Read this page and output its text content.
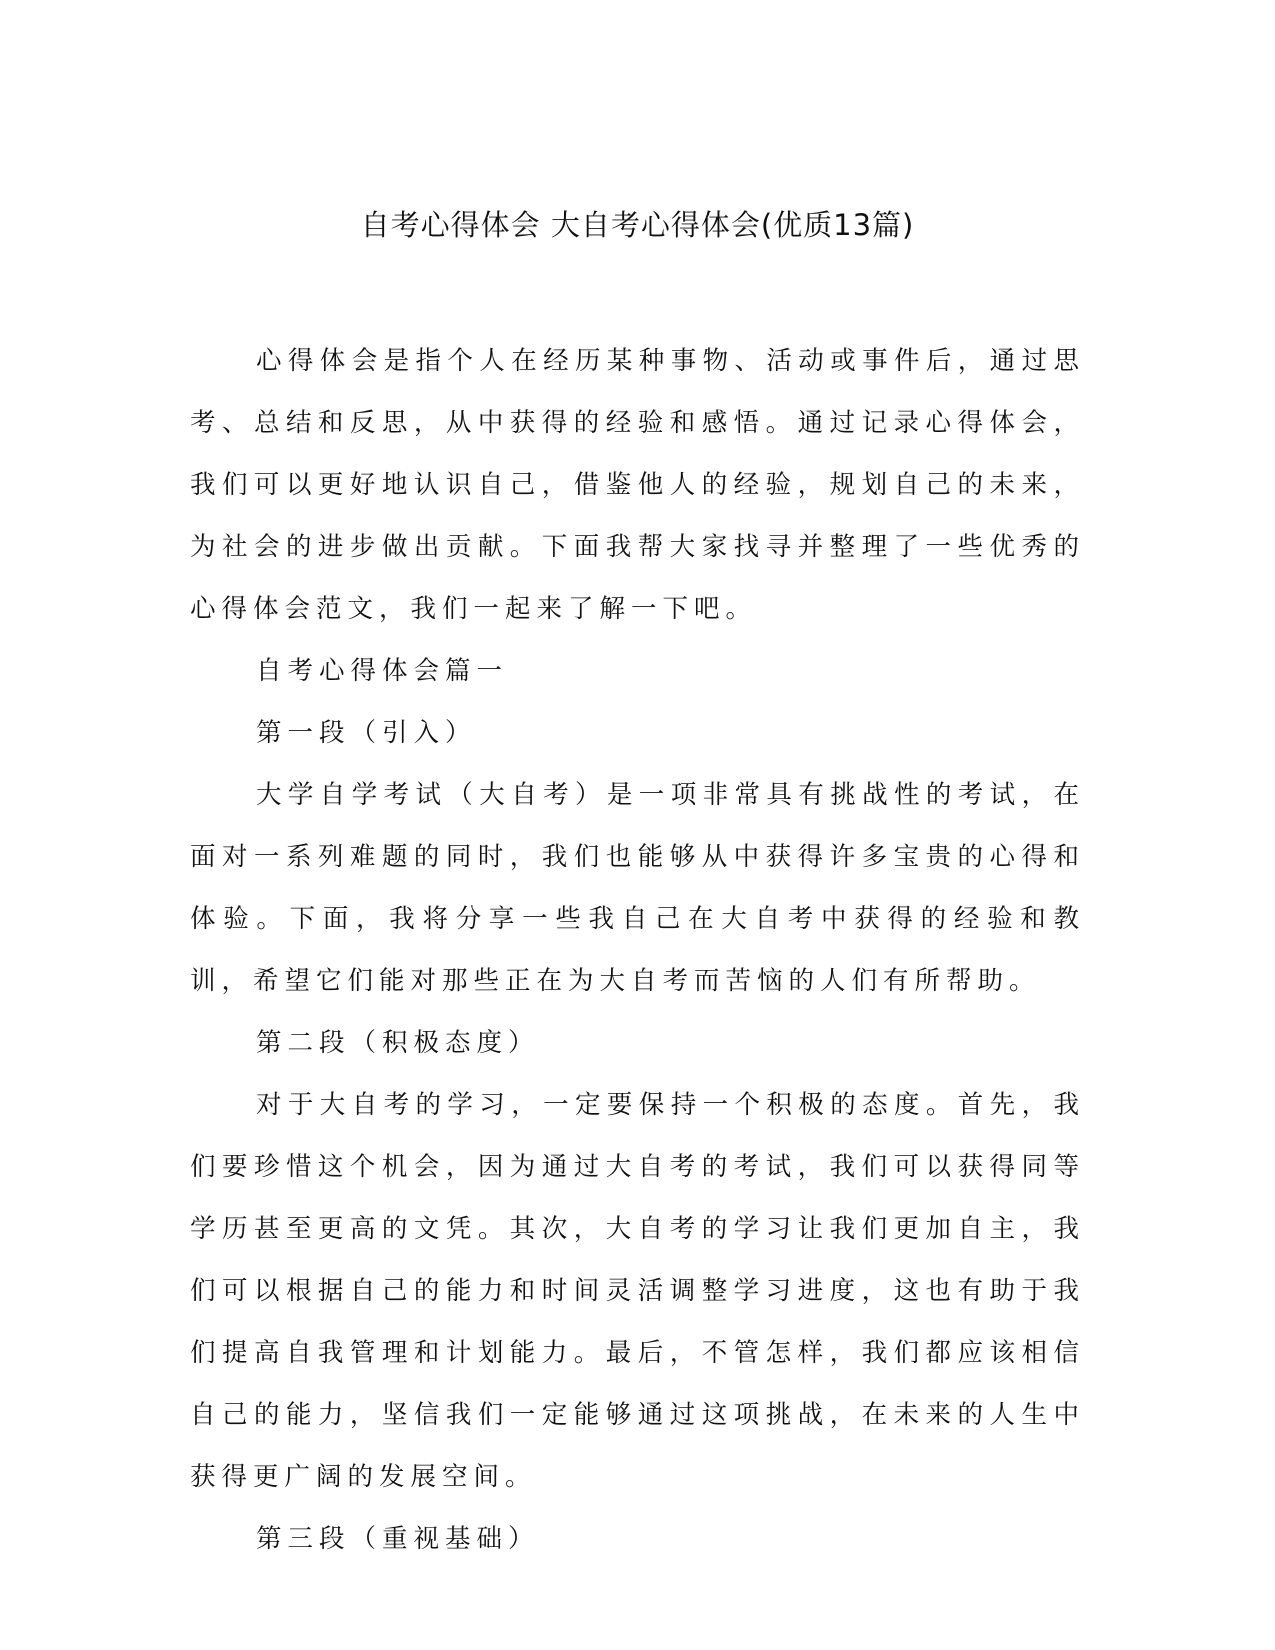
自考心得体会 大自考心得体会(优质13篇)

心得体会是指个人在经历某种事物、活动或事件后，通过思考、总结和反思，从中获得的经验和感悟。通过记录心得体会，我们可以更好地认识自己，借鉴他人的经验，规划自己的未来，为社会的进步做出贡献。下面我帮大家找寻并整理了一些优秀的心得体会范文，我们一起来了解一下吧。

自考心得体会篇一

第一段（引入）

大学自学考试（大自考）是一项非常具有挑战性的考试，在面对一系列难题的同时，我们也能够从中获得许多宝贵的心得和体验。下面，我将分享一些我自己在大自考中获得的经验和教训，希望它们能对那些正在为大自考而苦恼的人们有所帮助。

第二段（积极态度）

对于大自考的学习，一定要保持一个积极的态度。首先，我们要珍惜这个机会，因为通过大自考的考试，我们可以获得同等学历甚至更高的文凭。其次，大自考的学习让我们更加自主，我们可以根据自己的能力和时间灵活调整学习进度，这也有助于我们提高自我管理和计划能力。最后，不管怎样，我们都应该相信自己的能力，坚信我们一定能够通过这项挑战，在未来的人生中获得更广阔的发展空间。

第三段（重视基础）
